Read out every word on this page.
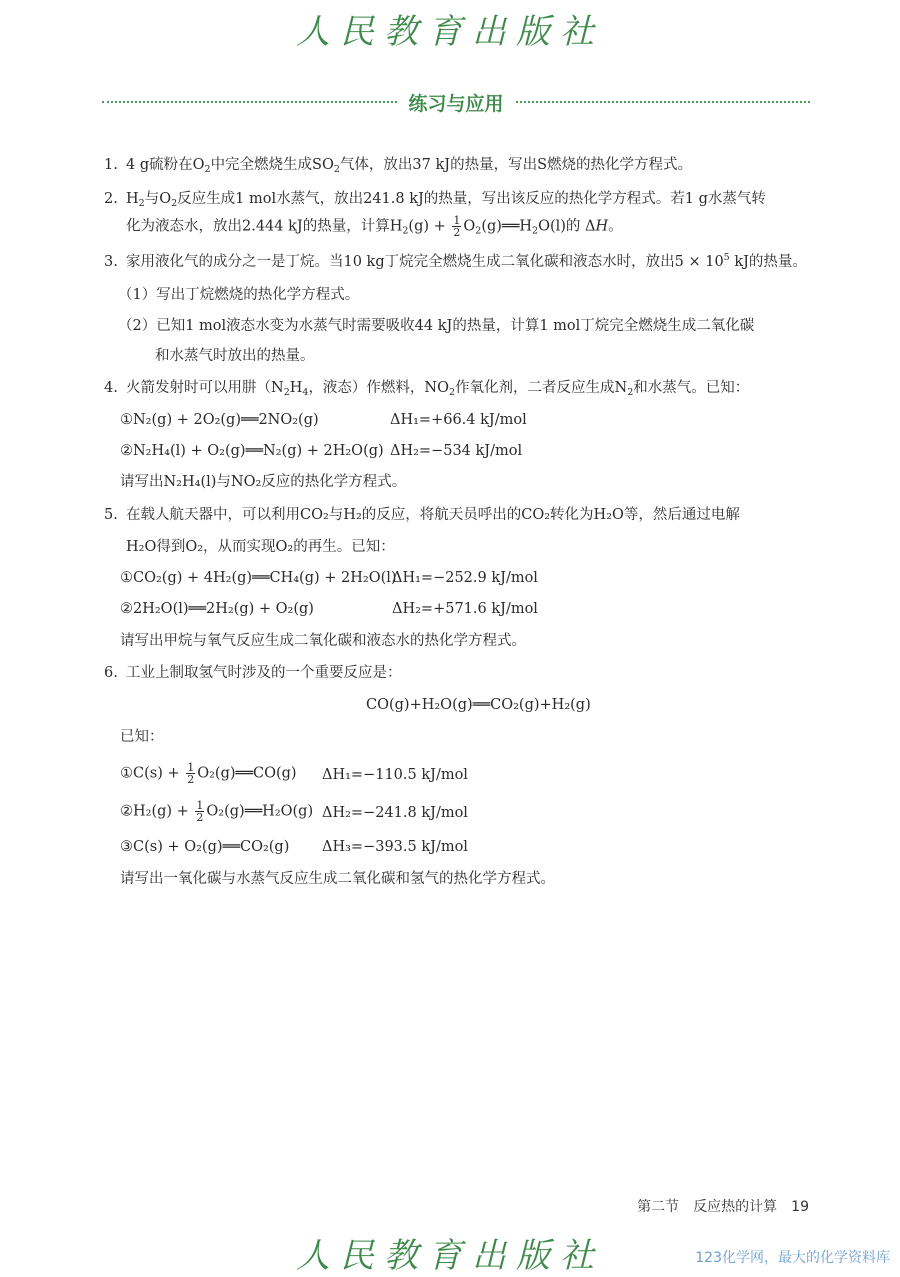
人民教育出版社
练习与应用
1. 4 g硫粉在$O_2$中完全燃烧生成$SO_2$气体，放出37 kJ的热量，写出S燃烧的热化学方程式。
2. $H_2$与$O_2$反应生成1 mol水蒸气，放出241.8 kJ的热量，写出该反应的热化学方程式。若1 g水蒸气转
化为液态水，放出2.444 kJ的热量，计算$H_2(g) + \frac{1}{2}$ $O_2(g)══H_2O(l)$的 ΔH。
3. 家用液化气的成分之一是丁烷。当10 kg丁烷完全燃烧生成二氧化碳和液态水时，放出$5 \times 10^5$ kJ的热量。
（1）写出丁烷燃烧的热化学方程式。
（2）已知1 mol液态水变为水蒸气时需要吸收44 kJ的热量，计算1 mol丁烷完全燃烧生成二氧化碳
和水蒸气时放出的热量。
4. 火箭发射时可以用肼（$N_2H_4$，液态）作燃料，$NO_2$作氧化剂，二者反应生成$N_2$和水蒸气。已知：
①N₂(g) + 2O₂(g)══2NO₂(g)	ΔH₁=+66.4 kJ/mol
②N₂H₄(l) + O₂(g)══N₂(g) + 2H₂O(g) ΔH₂=−534 kJ/mol
请写出N₂H₄(l)与NO₂反应的热化学方程式。
5. 在载人航天器中，可以利用CO₂与H₂的反应，将航天员呼出的CO₂转化为H₂O等，然后通过电解
H₂O得到O₂，从而实现O₂的再生。已知：
①CO₂(g) + 4H₂(g)══CH₄(g) + 2H₂O(l)
ΔH₁=−252.9 kJ/mol
②2H₂O(l)══2H₂(g) + O₂(g)	ΔH₂=+571.6 kJ/mol
请写出甲烷与氧气反应生成二氧化碳和液态水的热化学方程式。
6. 工业上制取氢气时涉及的一个重要反应是：
CO(g)+H₂O(g)══CO₂(g)+H₂(g)
已知：
①C(s) + $\frac{1}{2}$ O₂(g)══CO(g) ΔH₁=−110.5 kJ/mol
②H₂(g) + $\frac{1}{2}$ O₂(g)══H₂O(g) ΔH₂=−241.8 kJ/mol
③C(s) + O₂(g)══CO₂(g) ΔH₃=−393.5 kJ/mol
请写出一氧化碳与水蒸气反应生成二氧化碳和氢气的热化学方程式。
第二节　反应热的计算 19
人民教育出版社	123化学网，最大的化学资料库
